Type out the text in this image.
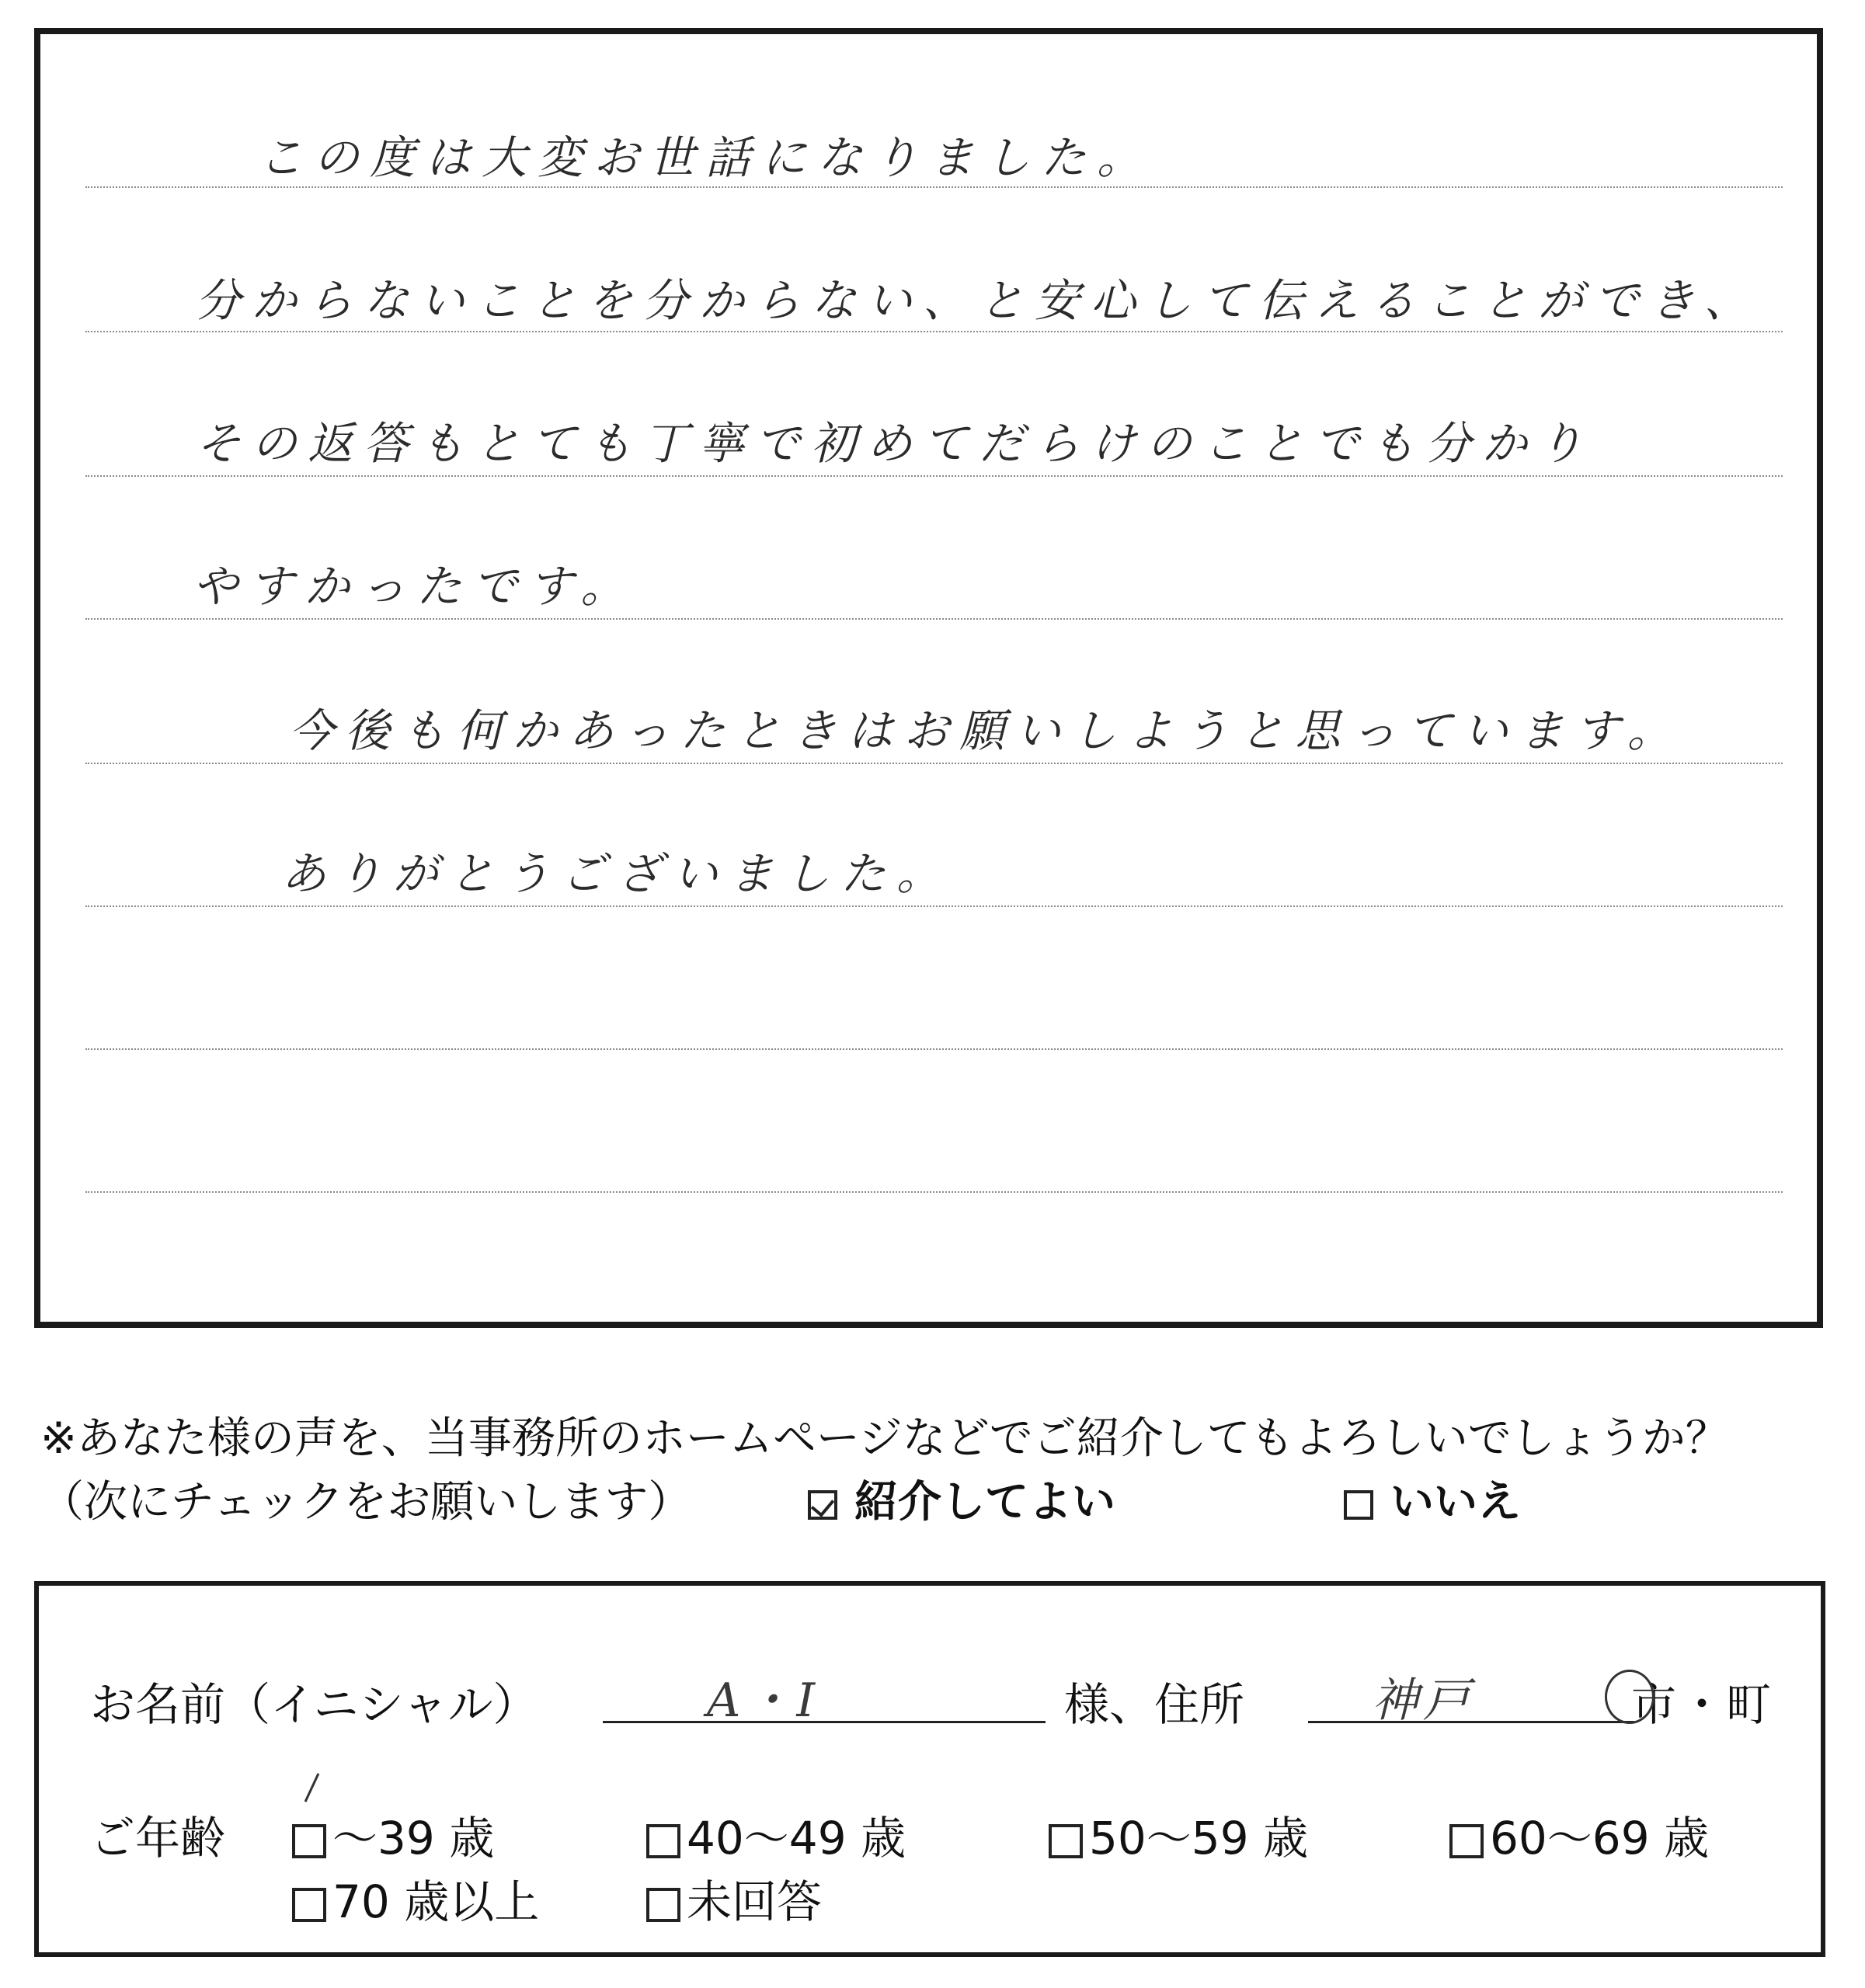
この度は大変お世話になりました。
分からないことを分からない、と安心して伝えることができ、
その返答もとても丁寧で初めてだらけのことでも分かり
やすかったです。
今後も何かあったときはお願いしようと思っています。
ありがとうございました。
※あなた様の声を、当事務所のホームページなどでご紹介してもよろしいでしょうか？
（次にチェックをお願いします）	紹介してよい	いいえ
お名前（イニシャル）	A・I	様、住所	神戸	市 ・ 町
ご年齢	～39 歳	40～49 歳	50～59 歳	60～69 歳
70 歳以上	未回答
